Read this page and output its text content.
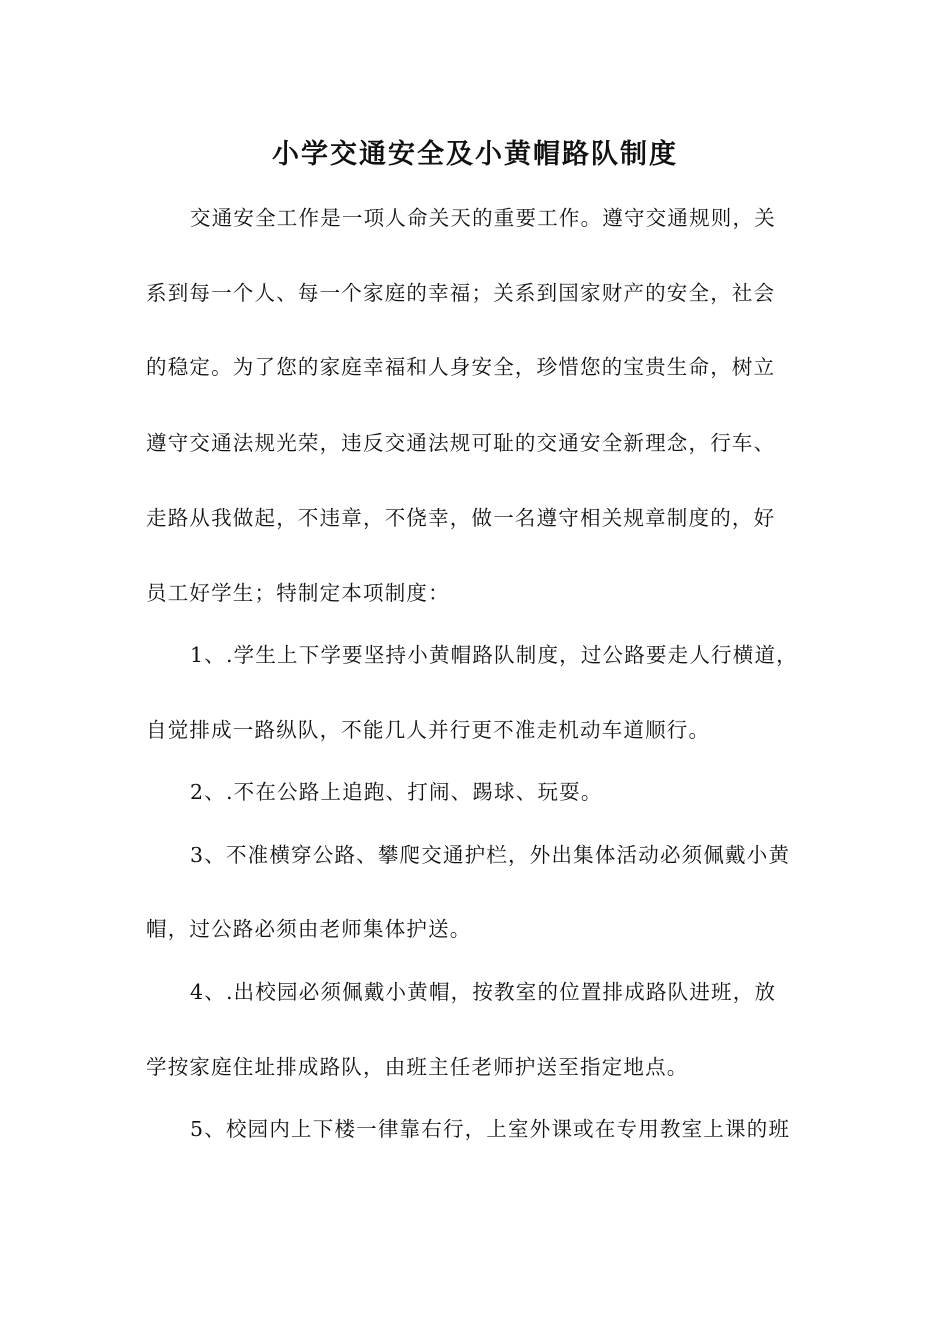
小学交通安全及小黄帽路队制度

交通安全工作是一项人命关天的重要工作。遵守交通规则，关

系到每一个人、每一个家庭的幸福；关系到国家财产的安全，社会

的稳定。为了您的家庭幸福和人身安全，珍惜您的宝贵生命，树立

遵守交通法规光荣，违反交通法规可耻的交通安全新理念，行车、

走路从我做起，不违章，不侥幸，做一名遵守相关规章制度的，好

员工好学生；特制定本项制度：

1、.学生上下学要坚持小黄帽路队制度，过公路要走人行横道，

自觉排成一路纵队，不能几人并行更不准走机动车道顺行。

2、.不在公路上追跑、打闹、踢球、玩耍。

3、不准横穿公路、攀爬交通护栏，外出集体活动必须佩戴小黄

帽，过公路必须由老师集体护送。

4、.出校园必须佩戴小黄帽，按教室的位置排成路队进班，放

学按家庭住址排成路队，由班主任老师护送至指定地点。

5、校园内上下楼一律靠右行，上室外课或在专用教室上课的班
